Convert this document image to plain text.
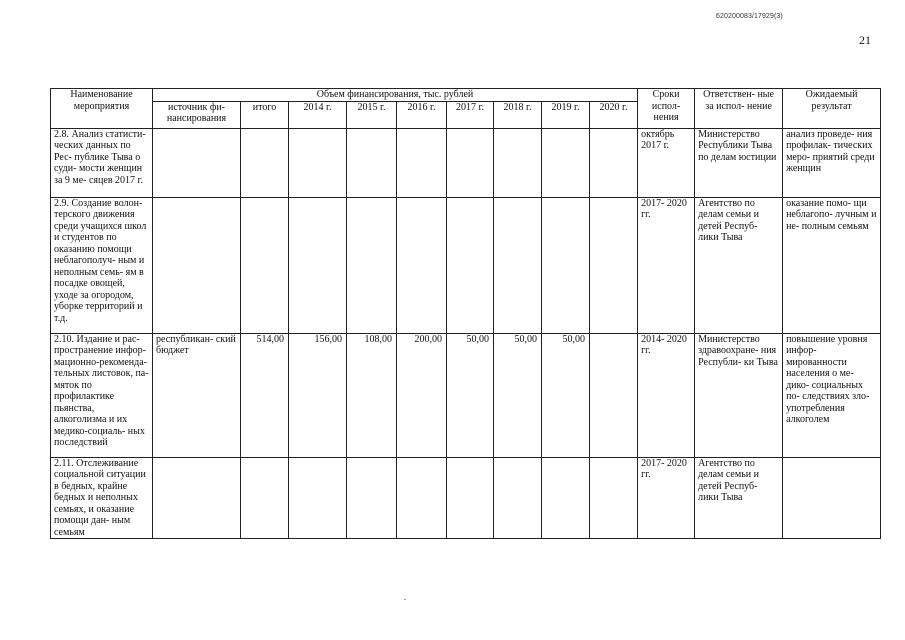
620200083/17929(3)
21
Наименование мероприятия	Объем финансирования, тыс. рублей									Сроки испол- нения	Ответствен- ные за испол- нение	Ожидаемый результат
	источник фи- нансирования	итого	2014 г.	2015 г.	2016 г.	2017 г.	2018 г.	2019 г.	2020 г.			
2.8. Анализ статисти- ческих данных по Рес- публике Тыва о суди- мости женщин за 9 ме- сяцев 2017 г.										октябрь 2017 г.	Министерство Республики Тыва по делам юстиции	анализ проведе- ния профилак- тических меро- приятий среди женщин
2.9. Создание волон- терского движения среди учащихся школ и студентов по оказанию помощи неблагополуч- ным и неполным семь- ям в посадке овощей, уходе за огородом, уборке территорий и т.д.										2017- 2020 гг.	Агентство по делам семьи и детей Респуб- лики Тыва	оказание помо- щи неблагопо- лучным и не- полным семьям
2.10. Издание и рас- пространение инфор- мационно-рекоменда- тельных листовок, па- мяток по профилактике пьянства, алкоголизма и их медико-социаль- ных последствий	республикан- ский бюджет	514,00	156,00	108,00	200,00	50,00	50,00	50,00		2014- 2020 гг.	Министерство здравоохране- ния Республи- ки Тыва	повышение уровня инфор- мированности населения о ме- дико- социальных по- следствиях зло- употребления алкоголем
2.11. Отслеживание социальной ситуации в бедных, крайне бедных и неполных семьях, и оказание помощи дан- ным семьям										2017- 2020 гг.	Агентство по делам семьи и детей Респуб- лики Тыва	
